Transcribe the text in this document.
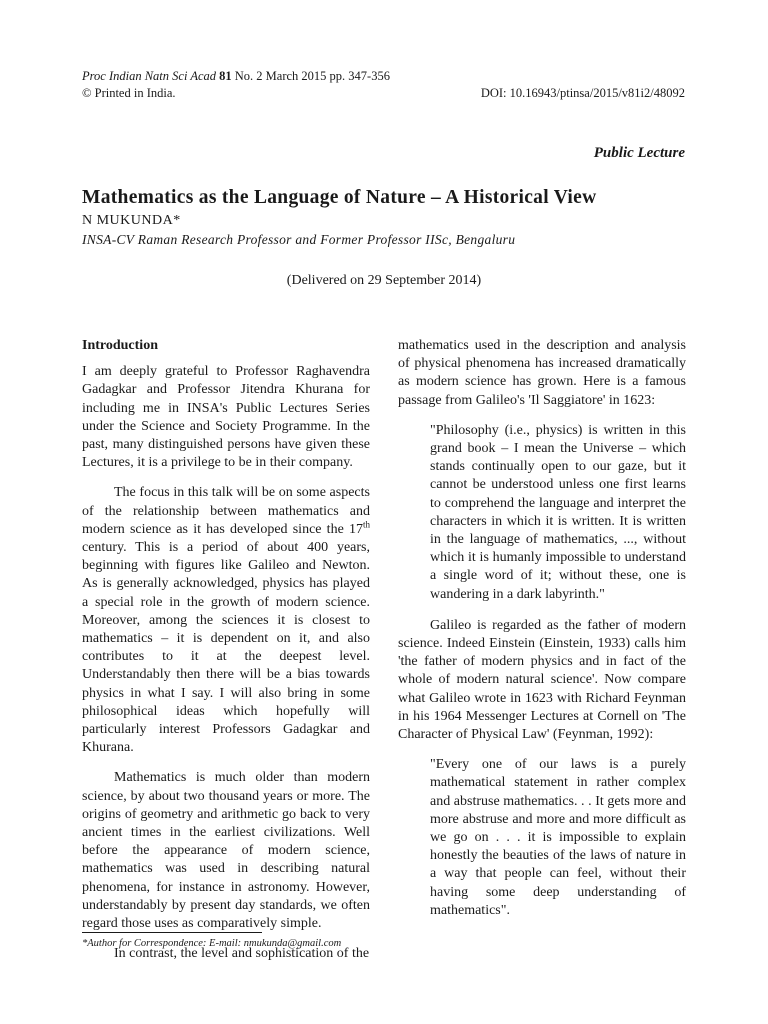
Proc Indian Natn Sci Acad 81 No. 2 March 2015 pp. 347-356
© Printed in India.	DOI: 10.16943/ptinsa/2015/v81i2/48092
Public Lecture
Mathematics as the Language of Nature – A Historical View
N MUKUNDA*
INSA-CV Raman Research Professor and Former Professor IISc, Bengaluru
(Delivered on 29 September 2014)
Introduction

I am deeply grateful to Professor Raghavendra Gadagkar and Professor Jitendra Khurana for including me in INSA's Public Lectures Series under the Science and Society Programme. In the past, many distinguished persons have given these Lectures, it is a privilege to be in their company.

The focus in this talk will be on some aspects of the relationship between mathematics and modern science as it has developed since the 17th century. This is a period of about 400 years, beginning with figures like Galileo and Newton. As is generally acknowledged, physics has played a special role in the growth of modern science. Moreover, among the sciences it is closest to mathematics – it is dependent on it, and also contributes to it at the deepest level. Understandably then there will be a bias towards physics in what I say. I will also bring in some philosophical ideas which hopefully will particularly interest Professors Gadagkar and Khurana.

Mathematics is much older than modern science, by about two thousand years or more. The origins of geometry and arithmetic go back to very ancient times in the earliest civilizations. Well before the appearance of modern science, mathematics was used in describing natural phenomena, for instance in astronomy. However, understandably by present day standards, we often regard those uses as comparatively simple.

In contrast, the level and sophistication of the

mathematics used in the description and analysis of physical phenomena has increased dramatically as modern science has grown. Here is a famous passage from Galileo's 'Il Saggiatore' in 1623:

"Philosophy (i.e., physics) is written in this grand book – I mean the Universe – which stands continually open to our gaze, but it cannot be understood unless one first learns to comprehend the language and interpret the characters in which it is written. It is written in the language of mathematics, ..., without which it is humanly impossible to understand a single word of it; without these, one is wandering in a dark labyrinth."

Galileo is regarded as the father of modern science. Indeed Einstein (Einstein, 1933) calls him 'the father of modern physics and in fact of the whole of modern natural science'. Now compare what Galileo wrote in 1623 with Richard Feynman in his 1964 Messenger Lectures at Cornell on 'The Character of Physical Law' (Feynman, 1992):

"Every one of our laws is a purely mathematical statement in rather complex and abstruse mathematics. . . It gets more and more abstruse and more and more difficult as we go on . . . it is impossible to explain honestly the beauties of the laws of nature in a way that people can feel, without their having some deep understanding of mathematics".

*Author for Correspondence: E-mail: nmukunda@gmail.com
